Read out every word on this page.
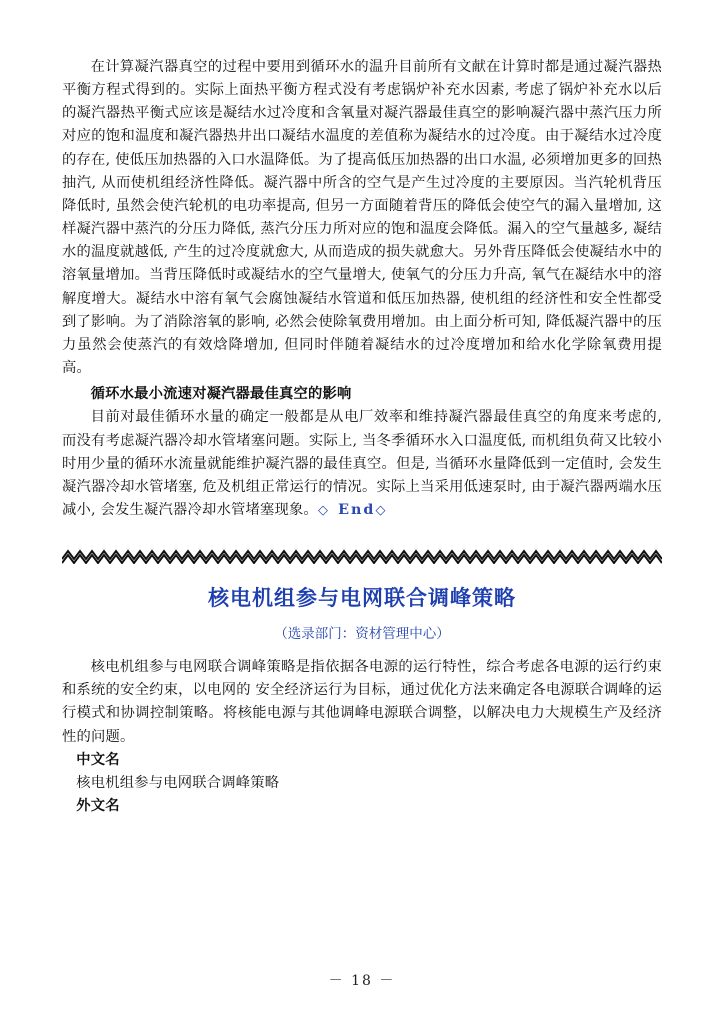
在计算凝汽器真空的过程中要用到循环水的温升目前所有文献在计算时都是通过凝汽器热平衡方程式得到的。实际上面热平衡方程式没有考虑锅炉补充水因素, 考虑了锅炉补充水以后的凝汽器热平衡式应该是凝结水过冷度和含氧量对凝汽器最佳真空的影响凝汽器中蒸汽压力所对应的饱和温度和凝汽器热井出口凝结水温度的差值称为凝结水的过冷度。由于凝结水过冷度的存在, 使低压加热器的入口水温降低。为了提高低压加热器的出口水温, 必须增加更多的回热抽汽, 从而使机组经济性降低。凝汽器中所含的空气是产生过冷度的主要原因。当汽轮机背压降低时, 虽然会使汽轮机的电功率提高, 但另一方面随着背压的降低会使空气的漏入量增加, 这样凝汽器中蒸汽的分压力降低, 蒸汽分压力所对应的饱和温度会降低。漏入的空气量越多, 凝结水的温度就越低, 产生的过冷度就愈大, 从而造成的损失就愈大。另外背压降低会使凝结水中的溶氧量增加。当背压降低时或凝结水的空气量增大, 使氧气的分压力升高, 氧气在凝结水中的溶解度增大。凝结水中溶有氧气会腐蚀凝结水管道和低压加热器, 使机组的经济性和安全性都受到了影响。为了消除溶氧的影响, 必然会使除氧费用增加。由上面分析可知, 降低凝汽器中的压力虽然会使蒸汽的有效焓降增加, 但同时伴随着凝结水的过冷度增加和给水化学除氧费用提高。

循环水最小流速对凝汽器最佳真空的影响

目前对最佳循环水量的确定一般都是从电厂效率和维持凝汽器最佳真空的角度来考虑的, 而没有考虑凝汽器冷却水管堵塞问题。实际上, 当冬季循环水入口温度低, 而机组负荷又比较小时用少量的循环水流量就能维护凝汽器的最佳真空。但是, 当循环水量降低到一定值时, 会发生凝汽器冷却水管堵塞, 危及机组正常运行的情况。实际上当采用低速泵时, 由于凝汽器两端水压减小, 会发生凝汽器冷却水管堵塞现象。◇ End◇

核电机组参与电网联合调峰策略
（选录部门：资材管理中心）

核电机组参与电网联合调峰策略是指依据各电源的运行特性，综合考虑各电源的运行约束和系统的安全约束，以电网的 安全经济运行为目标，通过优化方法来确定各电源联合调峰的运行模式和协调控制策略。将核能电源与其他调峰电源联合调整，以解决电力大规模生产及经济性的问题。

中文名

核电机组参与电网联合调峰策略

外文名

－ 18 －
